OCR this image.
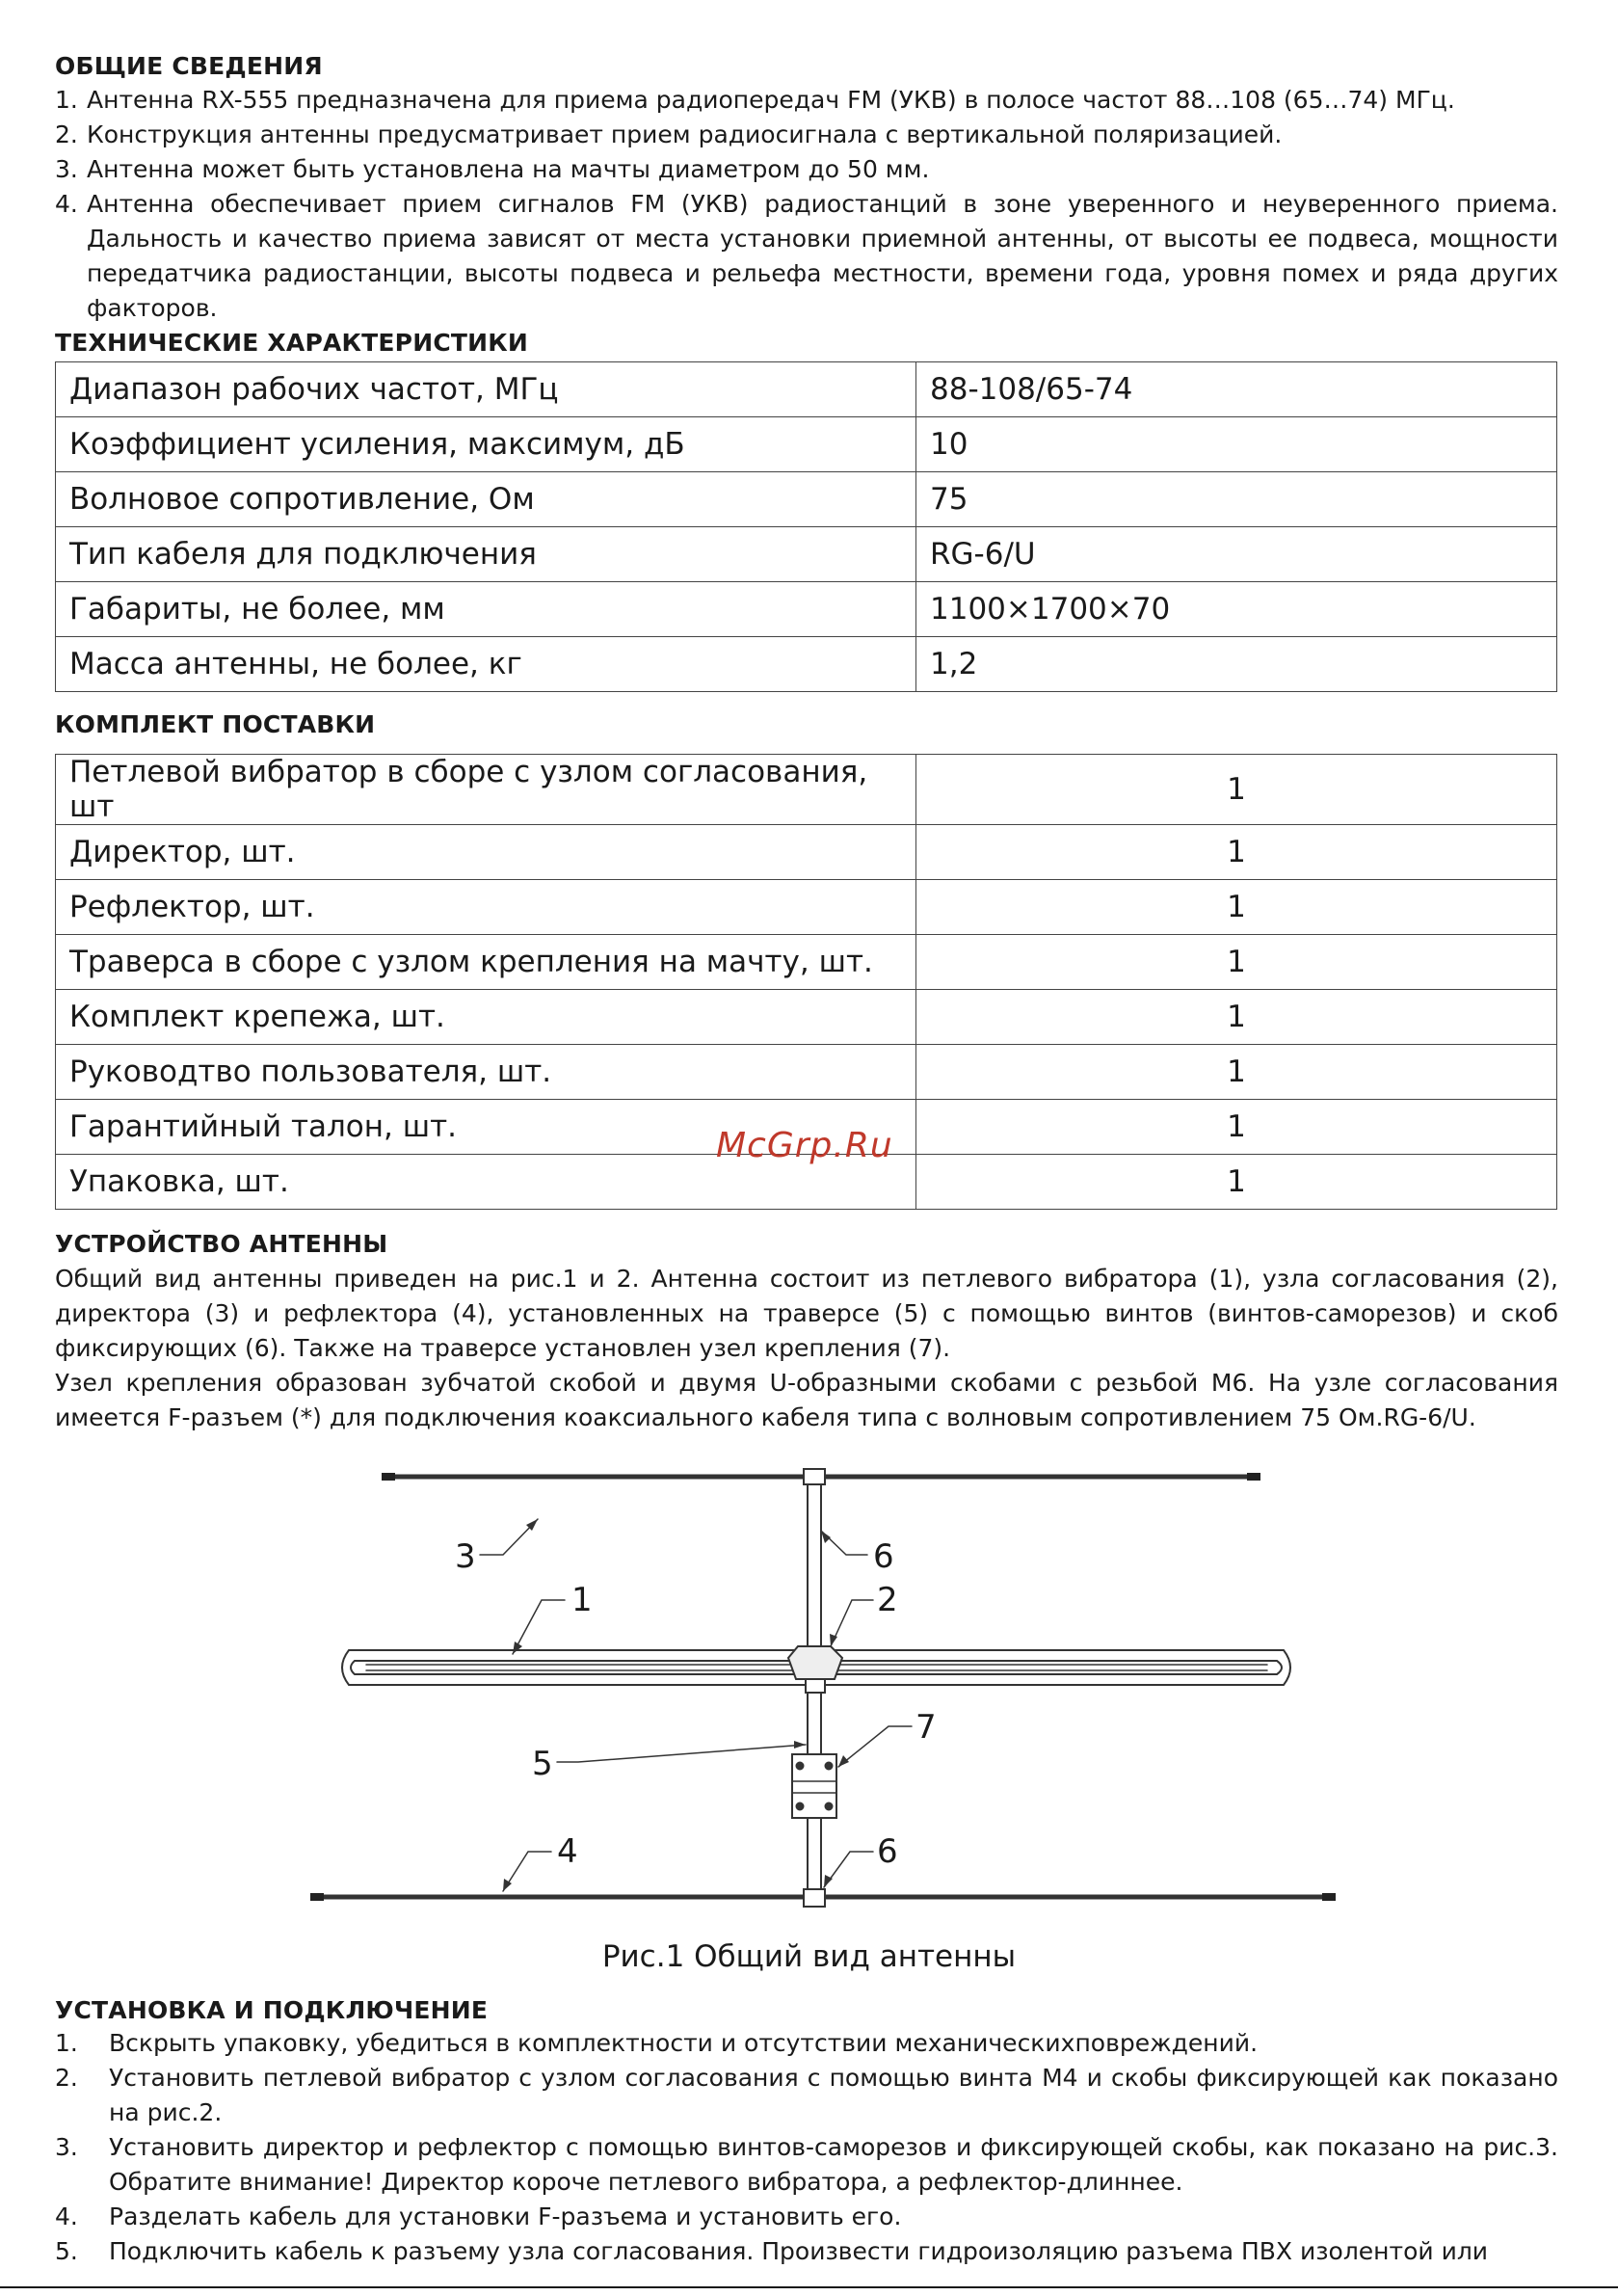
ОБЩИЕ СВЕДЕНИЯ
1. Антенна RX-555 предназначена для приема радиопередач FM (УКВ) в полосе частот 88…108 (65…74) МГц.
2. Конструкция антенны предусматривает прием радиосигнала с вертикальной поляризацией.
3. Антенна может быть установлена на мачты диаметром до 50 мм.
4. Антенна обеспечивает прием сигналов FM (УКВ) радиостанций в зоне уверенного и неуверенного приема. Дальность и качество приема зависят от места установки приемной антенны, от высоты ее подвеса, мощности передатчика радиостанции, высоты подвеса и рельефа местности, времени года, уровня помех и ряда других факторов.
ТЕХНИЧЕСКИЕ ХАРАКТЕРИСТИКИ
Диапазон рабочих частот, МГц	88-108/65-74
Коэффициент усиления, максимум, дБ	10
Волновое сопротивление, Ом	75
Тип кабеля для подключения	RG-6/U
Габариты, не более, мм	1100×1700×70
Масса антенны, не более, кг	1,2
КОМПЛЕКТ ПОСТАВКИ
Петлевой вибратор в сборе с узлом согласования, шт	1
Директор, шт.	1
Рефлектор, шт.	1
Траверса в сборе с узлом крепления на мачту, шт.	1
Комплект крепежа, шт.	1
Руководтво пользователя, шт.	1
Гарантийный талон, шт.	1
Упаковка, шт.	1
УСТРОЙСТВО АНТЕННЫ

Общий вид антенны приведен на рис.1 и 2. Антенна состоит из петлевого вибратора (1), узла согласования (2), директора (3) и рефлектора (4), установленных на траверсе (5) с помощью винтов (винтов-саморезов) и скоб фиксирующих (6). Также на траверсе установлен узел крепления (7).

Узел крепления образован зубчатой скобой и двумя U-образными скобами с резьбой М6. На узле согласования имеется F-разъем (*) для подключения коаксиального кабеля типа с волновым сопротивлением 75 Ом.RG-6/U.

УСТАНОВКА И ПОДКЛЮЧЕНИЕ
1.	Вскрыть упаковку, убедиться в комплектности и отсутствии механическихповреждений.
2.	Установить петлевой вибратор с узлом согласования с помощью винта М4 и скобы фиксирующей как показано на рис.2.
3.	Установить директор и рефлектор с помощью винтов-саморезов и фиксирующей скобы, как показано на рис.3. Обратите внимание! Директор короче петлевого вибратора, а рефлектор-длиннее.
4.	Разделать кабель для установки F-разъема и установить его.
5.	Подключить кабель к разъему узла согласования. Произвести гидроизоляцию разъема ПВХ изолентой или
McGrp.Ru
3	6
1	2
7
5
4	6
Рис.1 Общий вид антенны
